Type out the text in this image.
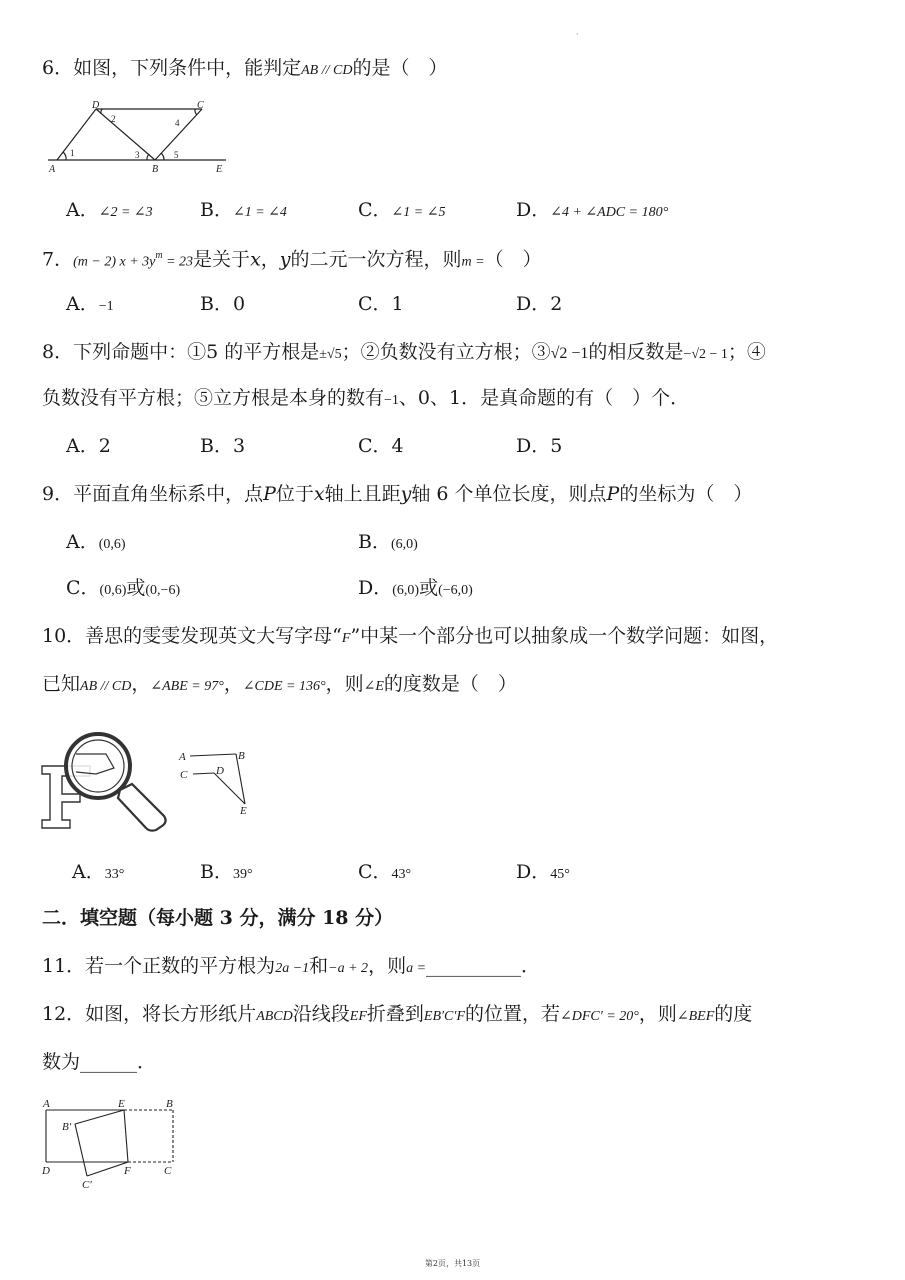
·
6．如图，下列条件中，能判定AB // CD的是（　）
A
D	C
B	E
1
2
3
4
5
A．∠2 = ∠3 B．∠1 = ∠4	C．∠1 = ∠5	D．∠4 + ∠ADC = 180°
7．(m − 2) $x + 3y^m = 23$是关于x，y的二元一次方程，则m =（　）
A．−1	B．0	C．1	D．2
8．下列命题中：①5 的平方根是±√5；②负数没有立方根；③√2 −1的相反数是−√2 − 1；④
负数没有平方根；⑤立方根是本身的数有−1、0、1．是真命题的有（　）个．
A．2	B．3	C．4	D．5
9．平面直角坐标系中，点P位于x轴上且距y轴 6 个单位长度，则点P的坐标为（　）
A．(0,6)	B．(6,0)
C．(0,6)或(0,−6)	D．(6,0)或(−6,0)
10．善思的雯雯发现英文大写字母“F”中某一个部分也可以抽象成一个数学问题：如图，
已知AB // CD，∠ABE = 97°，∠CDE = 136°，则∠E的度数是（　）
A	B
C	D
E
A．33°	B．39°	C．43°	D．45°
二．填空题（每小题 3 分，满分 18 分）
11．若一个正数的平方根为2a −1和−a + 2，则a =__________．
12．如图，将长方形纸片ABCD沿线段EF折叠到EB′C′F的位置，若∠DFC′ = 20°，则∠BEF的度
数为______．
A	E	B
B′
D	F	C
C′
第2页，共13页
